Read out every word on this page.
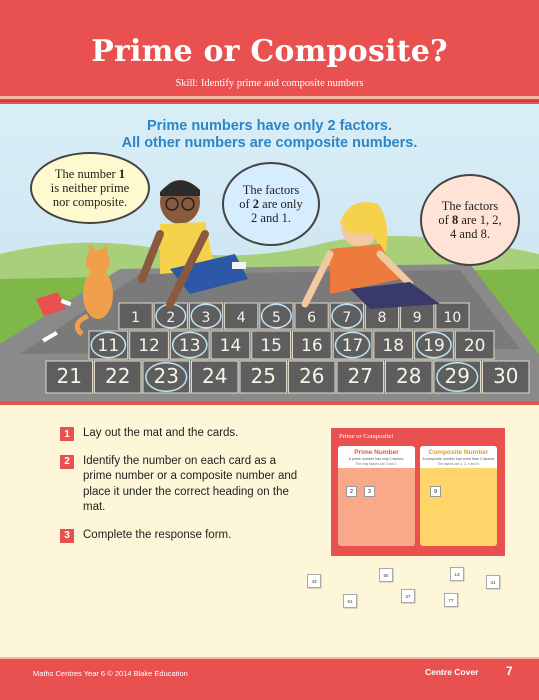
Prime or Composite?
Skill: Identify prime and composite numbers
1 2 3 4 5 6 7 8 9 10
11 12 13 14 15 16 17 18 19 20
21 22 23 24 25 26 27 28 29 30
Prime numbers have only 2 factors.
All other numbers are composite numbers.
The number 1
is neither prime
nor composite.
The factors
of 2 are only
2 and 1.
The factors
of 8 are 1, 2,
4 and 8.
1	Lay out the mat and the cards.
2	Identify the number on each card as a prime number or a composite number and place it under the correct heading on the mat.
3	Complete the response form.
Prime or Composite!
Prime Number
A prime number has only 2 factors.
The only factors are 2 and 1.
2	3
Composite Number
A composite number has more than 2 factors.
The factors are 1, 2, 4 and 8.
9
43
61
55
27
13
77
41
Maths Centres Year 6 © 2014 Blake Education	Centre Cover 7
